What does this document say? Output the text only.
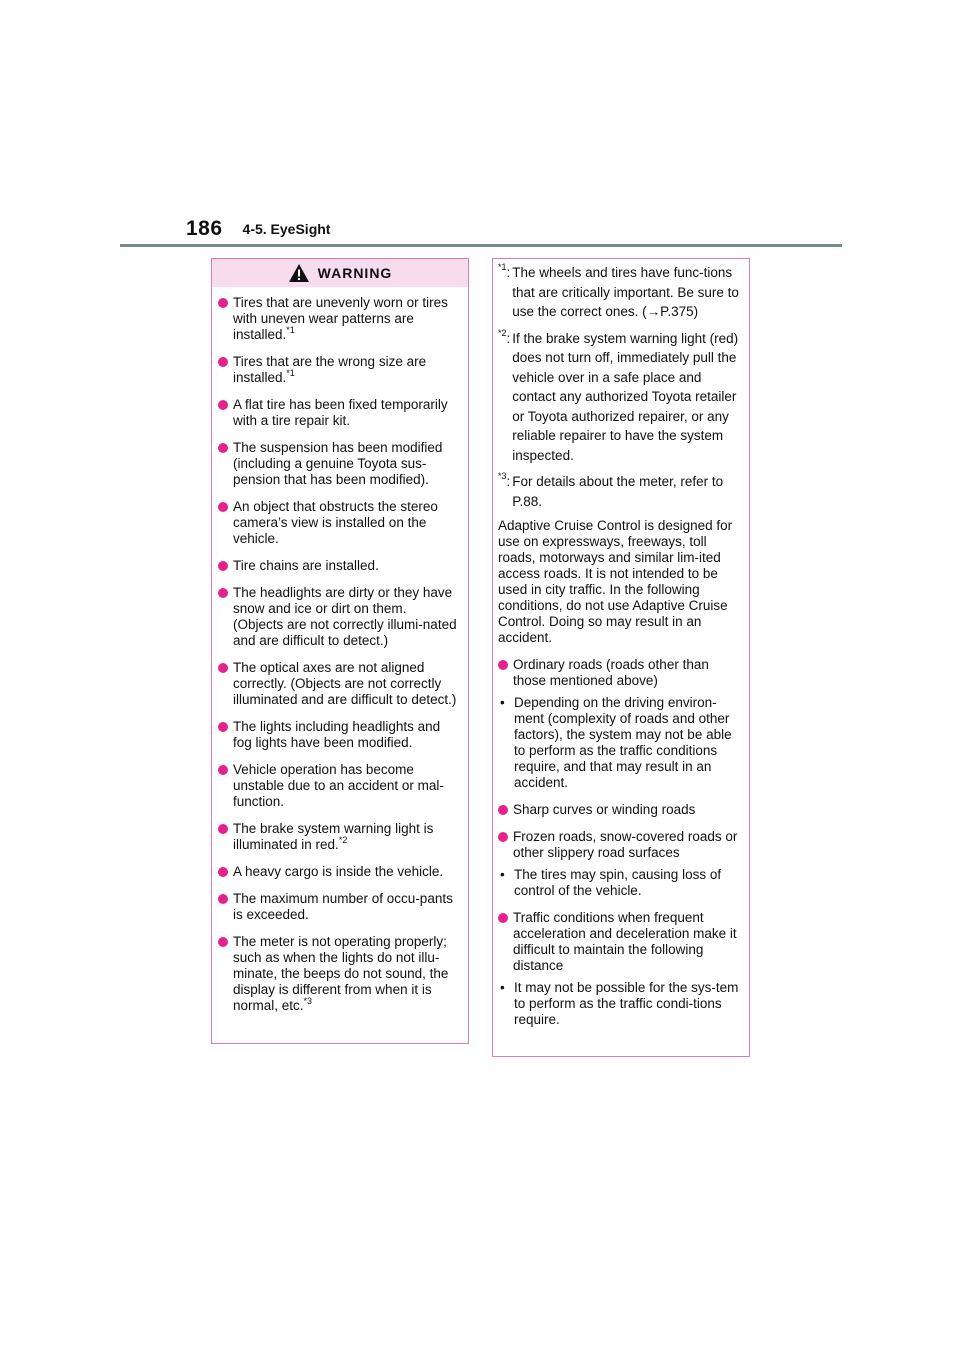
186 4-5. EyeSight
WARNING
Tires that are unevenly worn or tires with uneven wear patterns are installed.$^{*1}$
Tires that are the wrong size are installed.$^{*1}$
A flat tire has been fixed temporarily with a tire repair kit.
The suspension has been modified (including a genuine Toyota sus-pension that has been modified).
An object that obstructs the stereo camera’s view is installed on the vehicle.
Tire chains are installed.
The headlights are dirty or they have snow and ice or dirt on them. (Objects are not correctly illumi-nated and are difficult to detect.)
The optical axes are not aligned correctly. (Objects are not correctly illuminated and are difficult to detect.)
The lights including headlights and fog lights have been modified.
Vehicle operation has become unstable due to an accident or mal-function.
The brake system warning light is illuminated in red.$^{*2}$
A heavy cargo is inside the vehicle.
The maximum number of occu-pants is exceeded.
The meter is not operating properly; such as when the lights do not illu-minate, the beeps do not sound, the display is different from when it is normal, etc.$^{*3}$
$^{*1}$: The wheels and tires have func-tions that are critically important. Be sure to use the correct ones. (→P.375)
$^{*2}$: If the brake system warning light (red) does not turn off, immediately pull the vehicle over in a safe place and contact any authorized Toyota retailer or Toyota authorized repairer, or any reliable repairer to have the system inspected.
$^{*3}$: For details about the meter, refer to P.88.
Adaptive Cruise Control is designed for use on expressways, freeways, toll roads, motorways and similar lim-ited access roads. It is not intended to be used in city traffic. In the following conditions, do not use Adaptive Cruise Control. Doing so may result in an accident.
Ordinary roads (roads other than those mentioned above)
• Depending on the driving environ-ment (complexity of roads and other factors), the system may not be able to perform as the traffic conditions require, and that may result in an accident.
Sharp curves or winding roads
Frozen roads, snow-covered roads or other slippery road surfaces
• The tires may spin, causing loss of control of the vehicle.
Traffic conditions when frequent acceleration and deceleration make it difficult to maintain the following distance
• It may not be possible for the sys-tem to perform as the traffic condi-tions require.
